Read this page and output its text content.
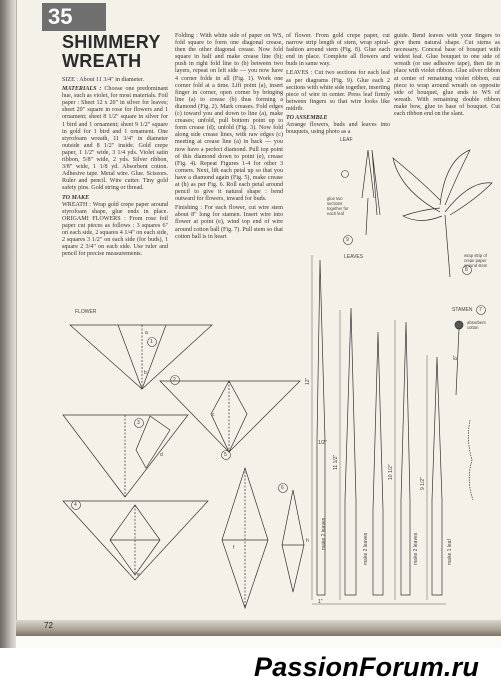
35
SHIMMERY
WREATH

SIZE : About 11 3/4" in diameter.

MATERIALS : Choose one predominant hue, such as violet, for most materials. Foil paper : Sheet 12 x 20" in silver for leaves; sheet 20" square in rose for flowers and 1 ornament; sheet 8 1/2" square in silver for 1 bird and 1 ornament; sheet 9 1/2" square in gold for 1 bird and 1 ornament. One styrofoam wreath, 11 3/4" in diameter outside and 8 1/2" inside. Gold crepe paper, 1 1/2" wide, 3 1/4 yds. Violet satin ribbon, 5/8" wide, 2 yds. Silver ribbon, 3/8" wide, 1 1/8 yd. Absorbent cotton. Adhesive tape. Metal wire. Glue. Scissors. Ruler and pencil. Wire cutter. Tiny gold safety pins. Gold string or thread.

TO MAKE
WREATH : Wrap gold crepe paper around styrofoam shape, glue ends in place. ORIGAMI FLOWERS : From rose foil paper cut pieces as follows : 3 squares 6" on each side, 2 squares 4 1/4" on each side, 2 squares 3 1/2" on each side (for buds), 1 square 2 3/4" on each side. Use ruler and pencil for precise measurements.

Folding : With white side of paper on WS, fold square to form one diagonal crease, then the other diagonal crease. Now fold square in half and make crease line (b); push in right fold line to (b) between two layers, repeat on left side — you now have 4 corner folds in all (Fig. 1). Work one corner fold at a time. Lift point (a), insert finger in corner, open corner by bringing line (a) to crease (b) thus forming a diamond (Fig. 2). Mark creases. Fold edges (c) toward you and down to line (a), make creases; unfold, pull bottom point up to form crease (d); unfold (Fig. 3). Now fold along side crease lines, with raw edges (c) meeting at crease line (a) in back — you now have a perfect diamond. Pull top point of this diamond down to point (e), crease (Fig. 4). Repeat Figures 1-4 for other 3 corners. Next, lift each petal up so that you have a diamond again (Fig. 5), make crease at (h) as per Fig. 6. Roll each petal around pencil to give it natural shape : bend outward for flowers, inward for buds.

Finishing : For each flower, cut wire stem about 8" long for stamen. Insert wire into flower at point (e), wind top end of wire around cotton ball (Fig. 7). Pull stem so that cotton ball is in heart

of flower. From gold crepe paper, cut narrow strip length of stem, wrap spiral-fashion around stem (Fig. 8). Glue each end in place. Complete all flowers and buds in same way.

LEAVES : Cut two sections for each leaf as per diagrams (Fig. 9). Glue each 2 sections with white side together, inserting piece of wire in center. Press leaf firmly between fingers so that wire looks like midrib.

TO ASSEMBLE
Arrange flowers, buds and leaves into bouquets, using photo as a

guide. Bend leaves with your fingers to give them natural shape. Cut stems as necessary. Conceal base of bouquet with widest leaf. Glue bouquet to one side of wreath (or use adhesive tape), then tie in place with violet ribbon. Glue silver ribbon at center of remaining violet ribbon, cut piece to wrap around wreath on opposite side of bouquet, glue ends to WS of wreath. With remaining double ribbon make bow, glue to base of bouquet. Cut each ribbon end on the slant.

FLOWER
1
2
3
4
5
6
7
8
9
a
b
c
d
e
f
h
LEAF
LEAVES
glue two sections together for each leaf
wrap strip of crepe paper around stem
STAMEN
absorbent cotton
make 2 leaves	make 2 leaves	make 2 leaves	make 1 leaf
12"
11 1/2"
10 1/2"
9 1/2"
1"
1/2"
8"
72
PassionForum.ru
